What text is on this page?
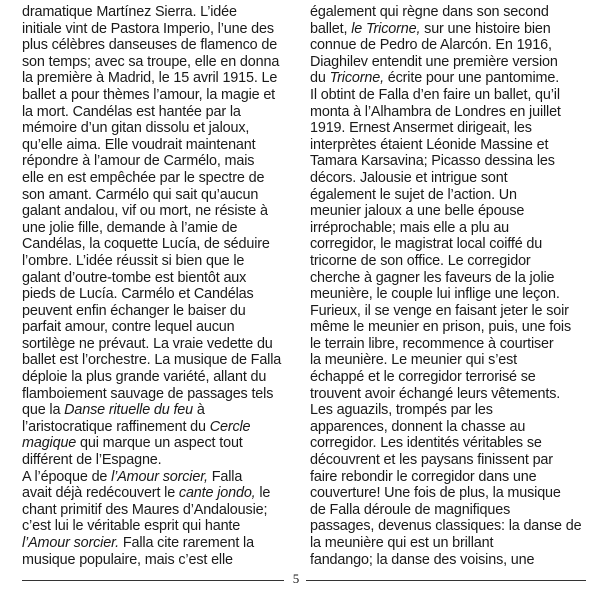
dramatique Martínez Sierra. L’idée
initiale vint de Pastora Imperio, l’une des
plus célèbres danseuses de flamenco de
son temps; avec sa troupe, elle en donna
la première à Madrid, le 15 avril 1915. Le
ballet a pour thèmes l’amour, la magie et
la mort. Candélas est hantée par la
mémoire d’un gitan dissolu et jaloux,
qu’elle aima. Elle voudrait maintenant
répondre à l’amour de Carmélo, mais
elle en est empêchée par le spectre de
son amant. Carmélo qui sait qu’aucun
galant andalou, vif ou mort, ne résiste à
une jolie fille, demande à l’amie de
Candélas, la coquette Lucía, de séduire
l’ombre. L’idée réussit si bien que le
galant d’outre-tombe est bientôt aux
pieds de Lucía. Carmélo et Candélas
peuvent enfin échanger le baiser du
parfait amour, contre lequel aucun
sortilège ne prévaut. La vraie vedette du
ballet est l’orchestre. La musique de Falla
déploie la plus grande variété, allant du
flamboiement sauvage de passages tels
que la Danse rituelle du feu à
l’aristocratique raffinement du Cercle
magique qui marque un aspect tout
différent de l’Espagne.
A l’époque de l’Amour sorcier, Falla
avait déjà redécouvert le cante jondo, le
chant primitif des Maures d’Andalousie;
c’est lui le véritable esprit qui hante
l’Amour sorcier. Falla cite rarement la
musique populaire, mais c’est elle
également qui règne dans son second
ballet, le Tricorne, sur une histoire bien
connue de Pedro de Alarcón. En 1916,
Diaghilev entendit une première version
du Tricorne, écrite pour une pantomime.
Il obtint de Falla d’en faire un ballet, qu’il
monta à l’Alhambra de Londres en juillet
1919. Ernest Ansermet dirigeait, les
interprètes étaient Léonide Massine et
Tamara Karsavina; Picasso dessina les
décors. Jalousie et intrigue sont
également le sujet de l’action. Un
meunier jaloux a une belle épouse
irréprochable; mais elle a plu au
corregidor, le magistrat local coiffé du
tricorne de son office. Le corregidor
cherche à gagner les faveurs de la jolie
meunière, le couple lui inflige une leçon.
Furieux, il se venge en faisant jeter le soir
même le meunier en prison, puis, une fois
le terrain libre, recommence à courtiser
la meunière. Le meunier qui s’est
échappé et le corregidor terrorisé se
trouvent avoir échangé leurs vêtements.
Les aguazils, trompés par les
apparences, donnent la chasse au
corregidor. Les identités véritables se
découvrent et les paysans finissent par
faire rebondir le corregidor dans une
couverture! Une fois de plus, la musique
de Falla déroule de magnifiques
passages, devenus classiques: la danse de
la meunière qui est un brillant
fandango; la danse des voisins, une
5
